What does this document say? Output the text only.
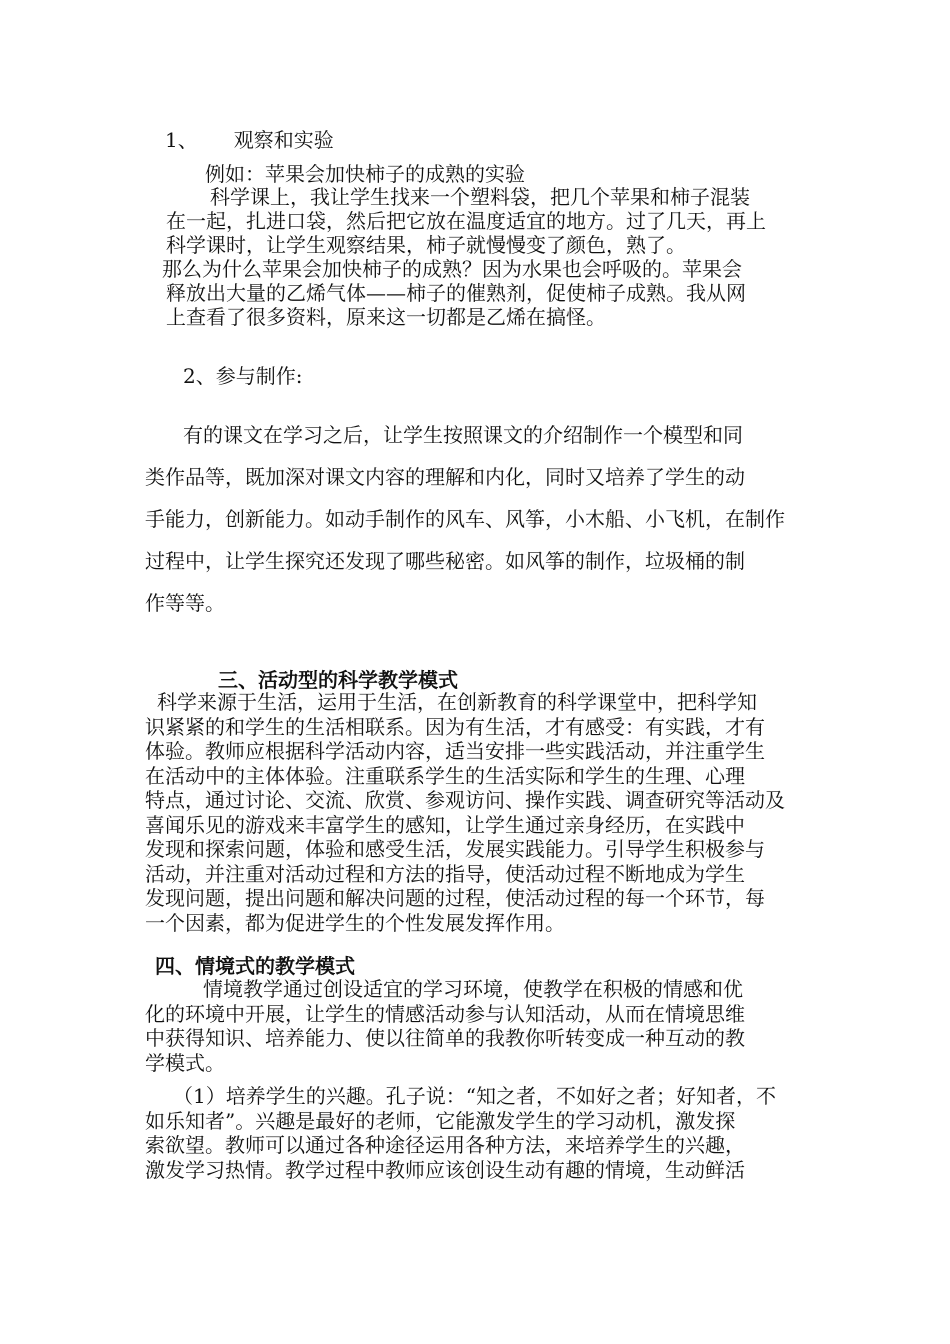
1、 观察和实验
例如：苹果会加快柿子的成熟的实验
科学课上，我让学生找来一个塑料袋，把几个苹果和柿子混装
在一起，扎进口袋，然后把它放在温度适宜的地方。过了几天，再上
科学课时，让学生观察结果，柿子就慢慢变了颜色，熟了。
那么为什么苹果会加快柿子的成熟？因为水果也会呼吸的。苹果会
释放出大量的乙烯气体——柿子的催熟剂，促使柿子成熟。我从网
上查看了很多资料，原来这一切都是乙烯在搞怪。
2、参与制作:
有的课文在学习之后，让学生按照课文的介绍制作一个模型和同
类作品等，既加深对课文内容的理解和内化，同时又培养了学生的动
手能力，创新能力。如动手制作的风车、风筝，小木船、小飞机，在制作
过程中，让学生探究还发现了哪些秘密。如风筝的制作，垃圾桶的制
作等等。
三、活动型的科学教学模式
科学来源于生活，运用于生活，在创新教育的科学课堂中，把科学知
识紧紧的和学生的生活相联系。因为有生活，才有感受：有实践，才有
体验。教师应根据科学活动内容，适当安排一些实践活动，并注重学生
在活动中的主体体验。注重联系学生的生活实际和学生的生理、心理
特点，通过讨论、交流、欣赏、参观访问、操作实践、调查研究等活动及
喜闻乐见的游戏来丰富学生的感知，让学生通过亲身经历，在实践中
发现和探索问题，体验和感受生活，发展实践能力。引导学生积极参与
活动，并注重对活动过程和方法的指导，使活动过程不断地成为学生
发现问题，提出问题和解决问题的过程，使活动过程的每一个环节，每
一个因素，都为促进学生的个性发展发挥作用。
四、情境式的教学模式
情境教学通过创设适宜的学习环境，使教学在积极的情感和优
化的环境中开展，让学生的情感活动参与认知活动，从而在情境思维
中获得知识、培养能力、使以往简单的我教你听转变成一种互动的教
学模式。
（1）培养学生的兴趣。孔子说：“知之者，不如好之者；好知者，不
如乐知者”。兴趣是最好的老师，它能激发学生的学习动机，激发探
索欲望。教师可以通过各种途径运用各种方法，来培养学生的兴趣，
激发学习热情。教学过程中教师应该创设生动有趣的情境，生动鲜活
